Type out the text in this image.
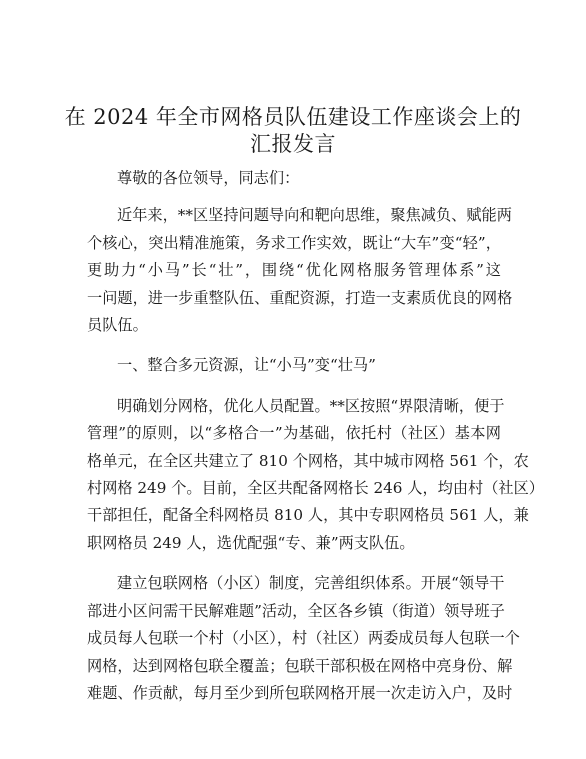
在 2024 年全市网格员队伍建设工作座谈会上的
汇报发言

尊敬的各位领导，同志们：

近年来，**区坚持问题导向和靶向思维，聚焦减负、赋能两
个核心，突出精准施策，务求工作实效，既让“大车”变“轻”，
更助力“小马”长“壮”，围绕“优化网格服务管理体系”这
一问题，进一步重整队伍、重配资源，打造一支素质优良的网格
员队伍。

一、整合多元资源，让“小马”变“壮马”

明确划分网格，优化人员配置。**区按照“界限清晰，便于
管理”的原则，以“多格合一”为基础，依托村（社区）基本网
格单元，在全区共建立了 810 个网格，其中城市网格 561 个，农
村网格 249 个。目前，全区共配备网格长 246 人，均由村（社区）
干部担任，配备全科网格员 810 人，其中专职网格员 561 人，兼
职网格员 249 人，选优配强“专、兼”两支队伍。

建立包联网格（小区）制度，完善组织体系。开展“领导干
部进小区问需干民解难题”活动，全区各乡镇（街道）领导班子
成员每人包联一个村（小区），村（社区）两委成员每人包联一个
网格，达到网格包联全覆盖；包联干部积极在网格中亮身份、解
难题、作贡献，每月至少到所包联网格开展一次走访入户，及时
